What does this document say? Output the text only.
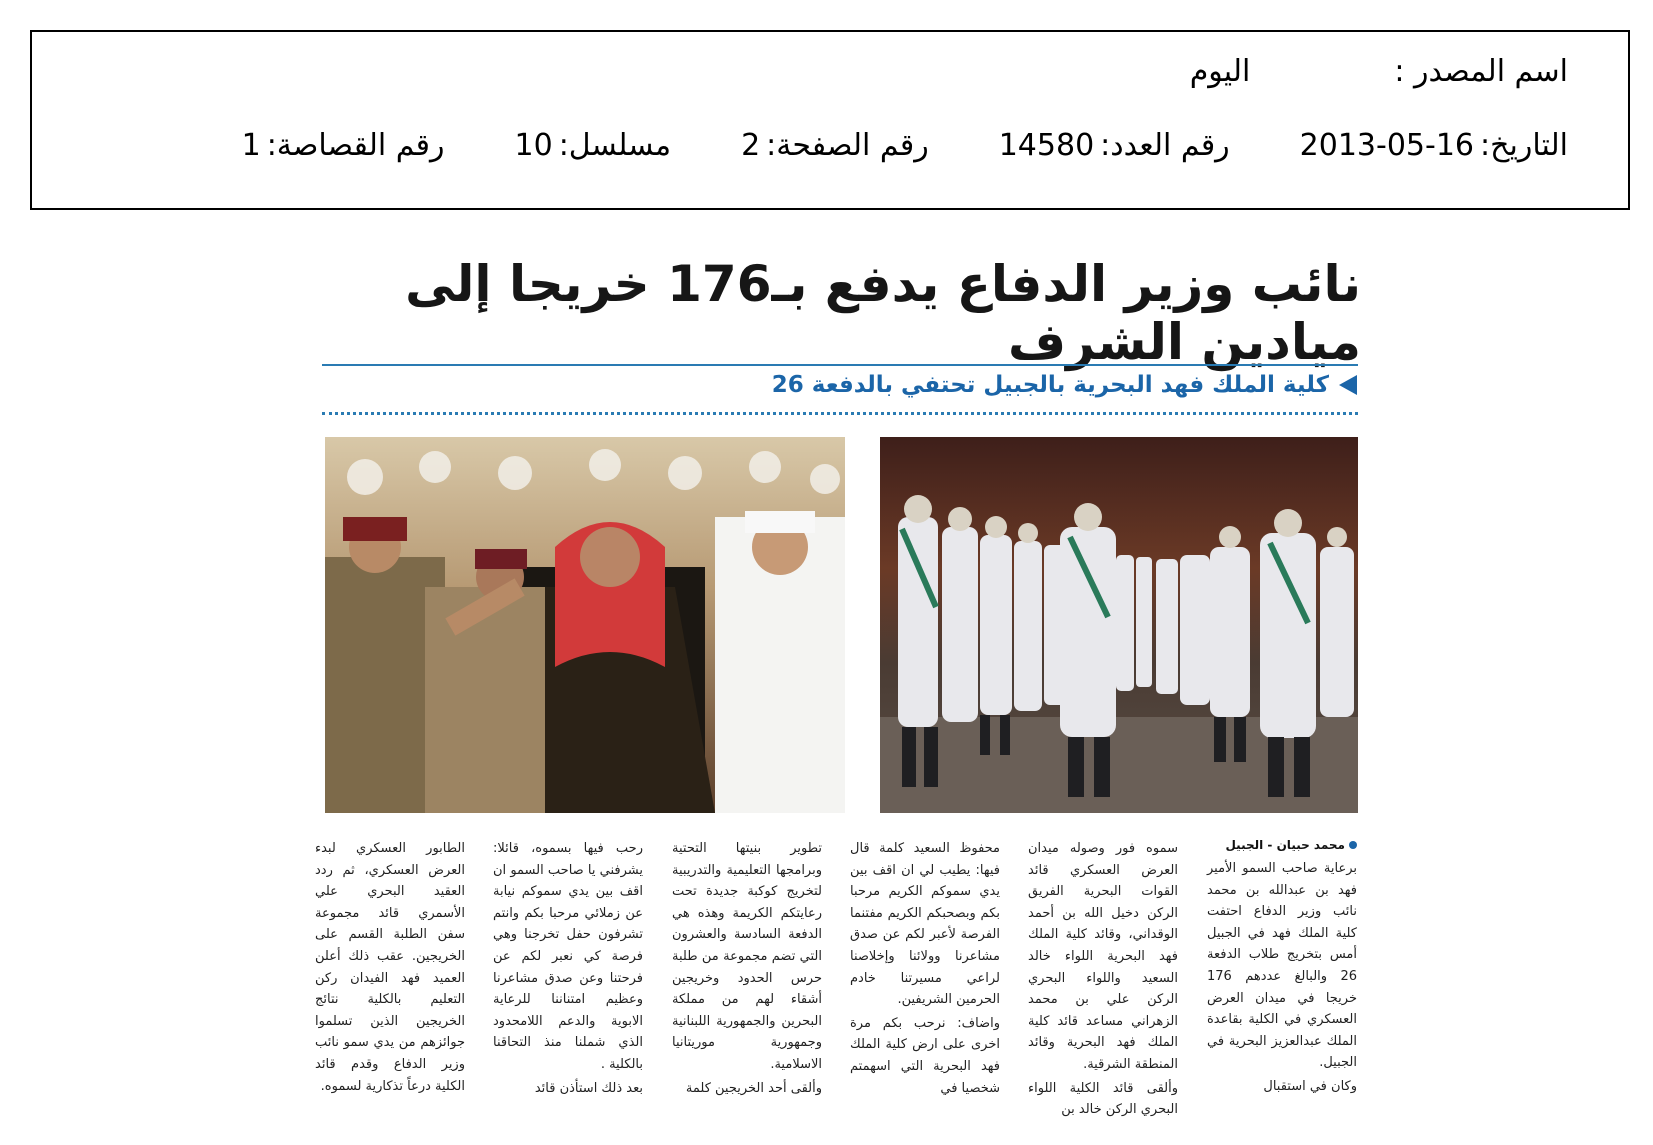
اسم المصدر :
اليوم
التاريخ:
2013-05-16
رقم العدد:
14580
رقم الصفحة:
2
مسلسل:
10
رقم القصاصة:
1
نائب وزير الدفاع يدفع بـ176 خريجا إلى ميادين الشرف
كلية الملك فهد البحرية بالجبيل تحتفي بالدفعة 26
محمد حبيان - الجبيل

برعاية صاحب السمو الأمير فهد بن عبدالله بن محمد نائب وزير الدفاع احتفت كلية الملك فهد في الجبيل أمس بتخريج طلاب الدفعة 26 والبالغ عددهم 176 خريجا في ميدان العرض العسكري في الكلية بقاعدة الملك عبدالعزيز البحرية في الجبيل.

وكان في استقبال

سموه فور وصوله ميدان العرض العسكري قائد القوات البحرية الفريق الركن دخيل الله بن أحمد الوقداني، وقائد كلية الملك فهد البحرية اللواء خالد السعيد واللواء البحري الركن علي بن محمد الزهراني مساعد قائد كلية الملك فهد البحرية وقائد المنطقة الشرقية.

وألقى قائد الكلية اللواء البحري الركن خالد بن

محفوظ السعيد كلمة قال فيها: يطيب لي ان اقف بين يدي سموكم الكريم مرحبا بكم وبصحبكم الكريم مفتنما الفرصة لأعبر لكم عن صدق مشاعرنا وولائنا وإخلاصنا لراعي مسيرتنا خادم الحرمين الشريفين.

واضاف: نرحب بكم مرة اخرى على ارض كلية الملك فهد البحرية التي اسهمتم شخصيا في

تطوير بنيتها التحتية وبرامجها التعليمية والتدريبية لتخريج كوكبة جديدة تحت رعايتكم الكريمة وهذه هي الدفعة السادسة والعشرون التي تضم مجموعة من طلبة حرس الحدود وخريجين أشقاء لهم من مملكة البحرين والجمهورية اللبنانية وجمهورية موريتانيا الاسلامية.

وألقى أحد الخريجين كلمة

رحب فيها بسموه، قائلا: يشرفني يا صاحب السمو ان اقف بين يدي سموكم نيابة عن زملائي مرحبا بكم وانتم تشرفون حفل تخرجنا وهي فرصة كي نعبر لكم عن فرحتنا وعن صدق مشاعرنا وعظيم امتناننا للرعاية الابوية والدعم اللامحدود الذي شملنا منذ التحاقنا بالكلية .

بعد ذلك استأذن قائد

الطابور العسكري لبدء العرض العسكري، ثم ردد العقيد البحري علي الأسمري قائد مجموعة سفن الطلبة القسم على الخريجين. عقب ذلك أعلن العميد فهد الفيدان ركن التعليم بالكلية نتائج الخريجين الذين تسلموا جوائزهم من يدي سمو نائب وزير الدفاع وقدم قائد الكلية درعاً تذكارية لسموه.
